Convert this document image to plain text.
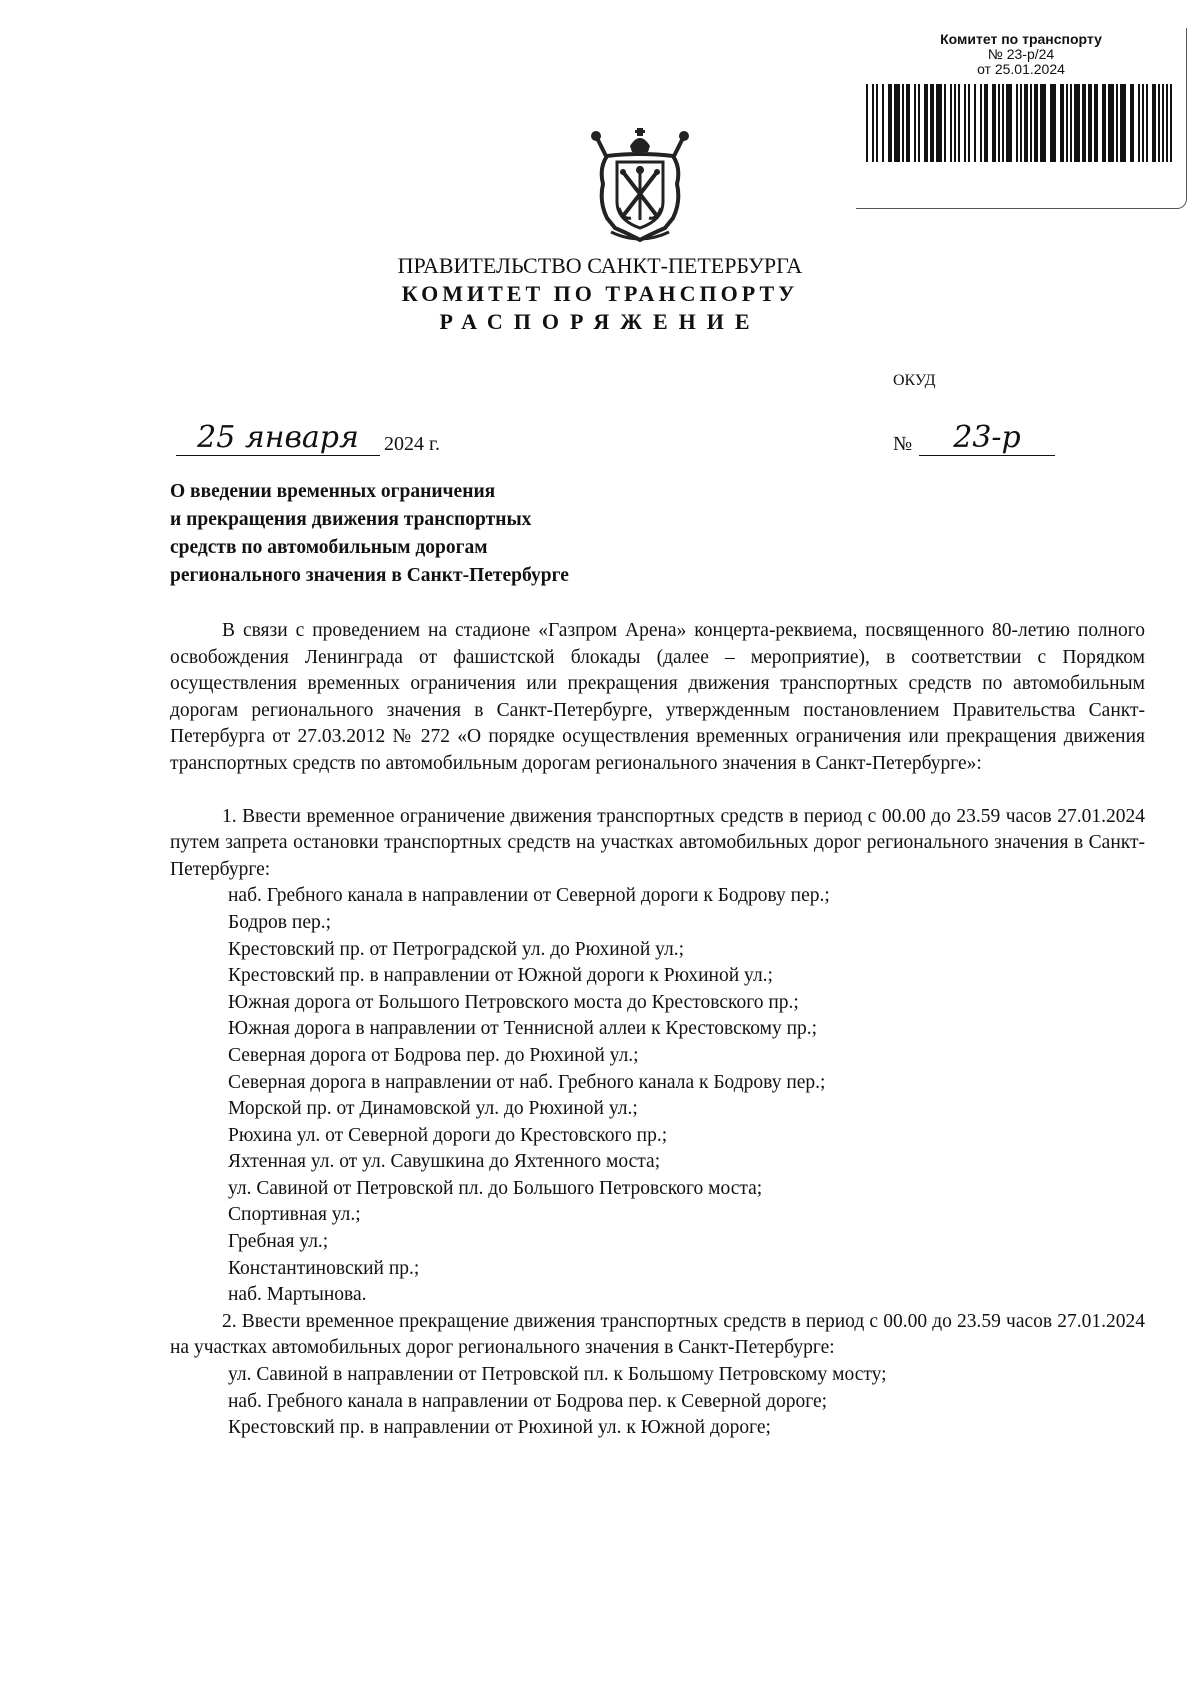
Комитет по транспорту
№ 23-р/24
от 25.01.2024
ПРАВИТЕЛЬСТВО САНКТ-ПЕТЕРБУРГА
КОМИТЕТ ПО ТРАНСПОРТУ
РАСПОРЯЖЕНИЕ
ОКУД
25 января	2024 г.	№	23-р
О введении временных ограничения
и прекращения движения транспортных
средств по автомобильным дорогам
регионального значения в Санкт-Петербурге

В связи с проведением на стадионе «Газпром Арена» концерта-реквиема, посвященного 80-летию полного освобождения Ленинграда от фашистской блокады (далее – мероприятие), в соответствии с Порядком осуществления временных ограничения или прекращения движения транспортных средств по автомобильным дорогам регионального значения в Санкт-Петербурге, утвержденным постановлением Правительства Санкт-Петербурга от 27.03.2012 № 272 «О порядке осуществления временных ограничения или прекращения движения транспортных средств по автомобильным дорогам регионального значения в Санкт-Петербурге»:

1. Ввести временное ограничение движения транспортных средств в период с 00.00 до 23.59 часов 27.01.2024 путем запрета остановки транспортных средств на участках автомобильных дорог регионального значения в Санкт-Петербурге:

наб. Гребного канала в направлении от Северной дороги к Бодрову пер.;

Бодров пер.;

Крестовский пр. от Петроградской ул. до Рюхиной ул.;

Крестовский пр. в направлении от Южной дороги к Рюхиной ул.;

Южная дорога от Большого Петровского моста до Крестовского пр.;

Южная дорога в направлении от Теннисной аллеи к Крестовскому пр.;

Северная дорога от Бодрова пер. до Рюхиной ул.;

Северная дорога в направлении от наб. Гребного канала к Бодрову пер.;

Морской пр. от Динамовской ул. до Рюхиной ул.;

Рюхина ул. от Северной дороги до Крестовского пр.;

Яхтенная ул. от ул. Савушкина до Яхтенного моста;

ул. Савиной от Петровской пл. до Большого Петровского моста;

Спортивная ул.;

Гребная ул.;

Константиновский пр.;

наб. Мартынова.

2. Ввести временное прекращение движения транспортных средств в период с 00.00 до 23.59 часов 27.01.2024 на участках автомобильных дорог регионального значения в Санкт-Петербурге:

ул. Савиной в направлении от Петровской пл. к Большому Петровскому мосту;

наб. Гребного канала в направлении от Бодрова пер. к Северной дороге;

Крестовский пр. в направлении от Рюхиной ул. к Южной дороге;
